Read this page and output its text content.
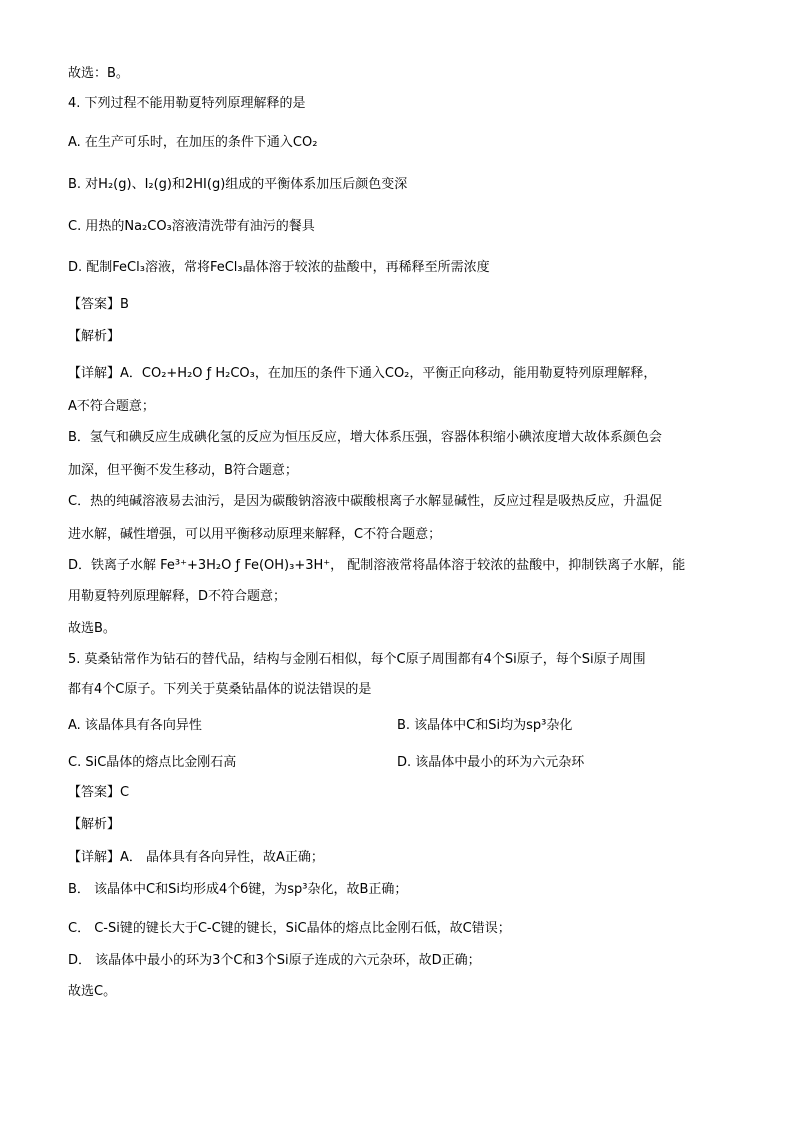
故选：B。
4. 下列过程不能用勒夏特列原理解释的是
A. 在生产可乐时，在加压的条件下通入CO₂
B. 对H₂(g)、I₂(g)和2HI(g)组成的平衡体系加压后颜色变深
C. 用热的Na₂CO₃溶液清洗带有油污的餐具
D. 配制FeCl₃溶液，常将FeCl₃晶体溶于较浓的盐酸中，再稀释至所需浓度
【答案】B
【解析】
【详解】A．CO₂+H₂O ƒ H₂CO₃，在加压的条件下通入CO₂，平衡正向移动，能用勒夏特列原理解释，
A不符合题意；
B．氢气和碘反应生成碘化氢的反应为恒压反应，增大体系压强，容器体积缩小碘浓度增大故体系颜色会
加深，但平衡不发生移动，B符合题意；
C．热的纯碱溶液易去油污，是因为碳酸钠溶液中碳酸根离子水解显碱性，反应过程是吸热反应，升温促
进水解，碱性增强，可以用平衡移动原理来解释，C不符合题意；
D．铁离子水解 Fe³⁺+3H₂O ƒ Fe(OH)₃+3H⁺， 配制溶液常将晶体溶于较浓的盐酸中，抑制铁离子水解，能
用勒夏特列原理解释，D不符合题意；
故选B。
5. 莫桑钻常作为钻石的替代品，结构与金刚石相似，每个C原子周围都有4个Si原子，每个Si原子周围
都有4个C原子。下列关于莫桑钻晶体的说法错误的是
A. 该晶体具有各向异性	B. 该晶体中C和Si均为sp³杂化
C. SiC晶体的熔点比金刚石高	D. 该晶体中最小的环为六元杂环
【答案】C
【解析】
【详解】A． 晶体具有各向异性，故A正确；
B． 该晶体中C和Si均形成4个б键，为sp³杂化，故B正确；
C． C-Si键的键长大于C-C键的键长，SiC晶体的熔点比金刚石低，故C错误；
D． 该晶体中最小的环为3个C和3个Si原子连成的六元杂环，故D正确；
故选C。
